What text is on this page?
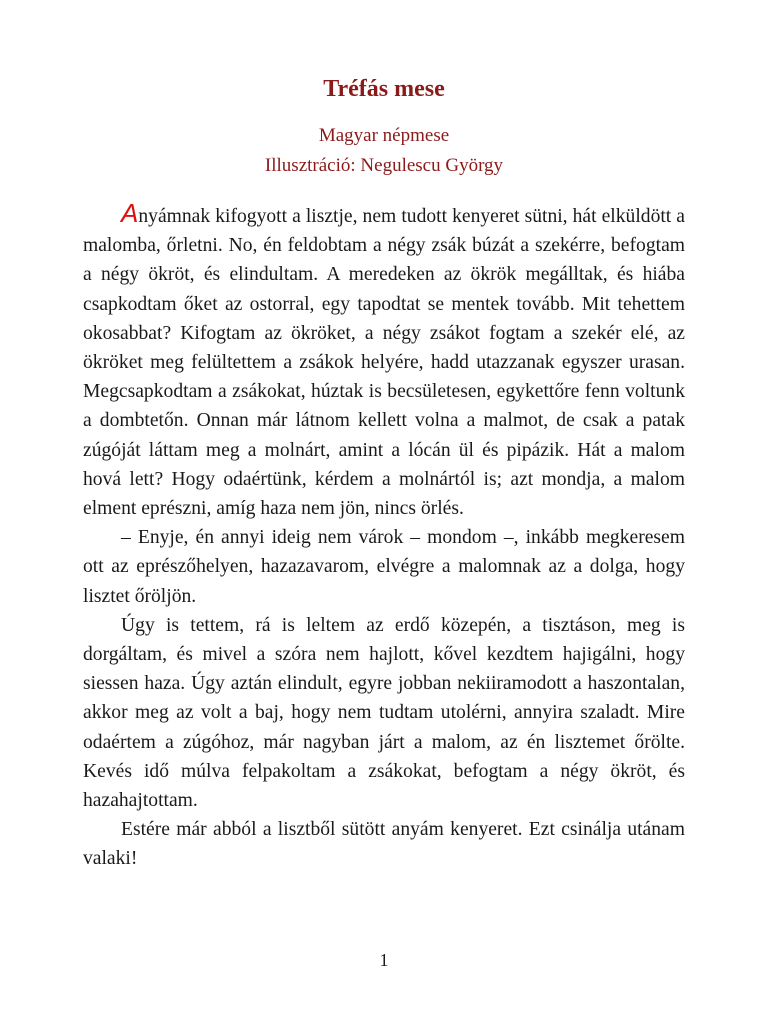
Tréfás mese

Magyar népmese

Illusztráció: Negulescu György

Anyámnak kifogyott a lisztje, nem tudott kenyeret sütni, hát elküldött a malomba, őrletni. No, én feldobtam a négy zsák búzát a szekérre, befogtam a négy ökröt, és elindultam. A meredeken az ökrök megálltak, és hiába csapkodtam őket az ostorral, egy tapodtat se mentek tovább. Mit tehettem okosabbat? Kifogtam az ökröket, a négy zsákot fogtam a szekér elé, az ökröket meg felültettem a zsákok helyére, hadd utazzanak egyszer urasan. Megcsapkodtam a zsákokat, húztak is becsületesen, egykettőre fenn voltunk a dombtetőn. Onnan már látnom kellett volna a malmot, de csak a patak zúgóját láttam meg a molnárt, amint a lócán ül és pipázik. Hát a malom hová lett? Hogy odaértünk, kérdem a molnártól is; azt mondja, a malom elment eprészni, amíg haza nem jön, nincs örlés.

– Enyje, én annyi ideig nem várok – mondom –, inkább megkeresem ott az eprészőhelyen, hazazavarom, elvégre a malomnak az a dolga, hogy lisztet őröljön.

Úgy is tettem, rá is leltem az erdő közepén, a tisztáson, meg is dorgáltam, és mivel a szóra nem hajlott, kővel kezdtem hajigálni, hogy siessen haza. Úgy aztán elindult, egyre jobban nekiiramodott a haszontalan, akkor meg az volt a baj, hogy nem tudtam utolérni, annyira szaladt. Mire odaértem a zúgóhoz, már nagyban járt a malom, az én lisztemet őrölte. Kevés idő múlva felpakoltam a zsákokat, befogtam a négy ökröt, és hazahajtottam.

Estére már abból a lisztből sütött anyám kenyeret. Ezt csinálja utánam valaki!

1
